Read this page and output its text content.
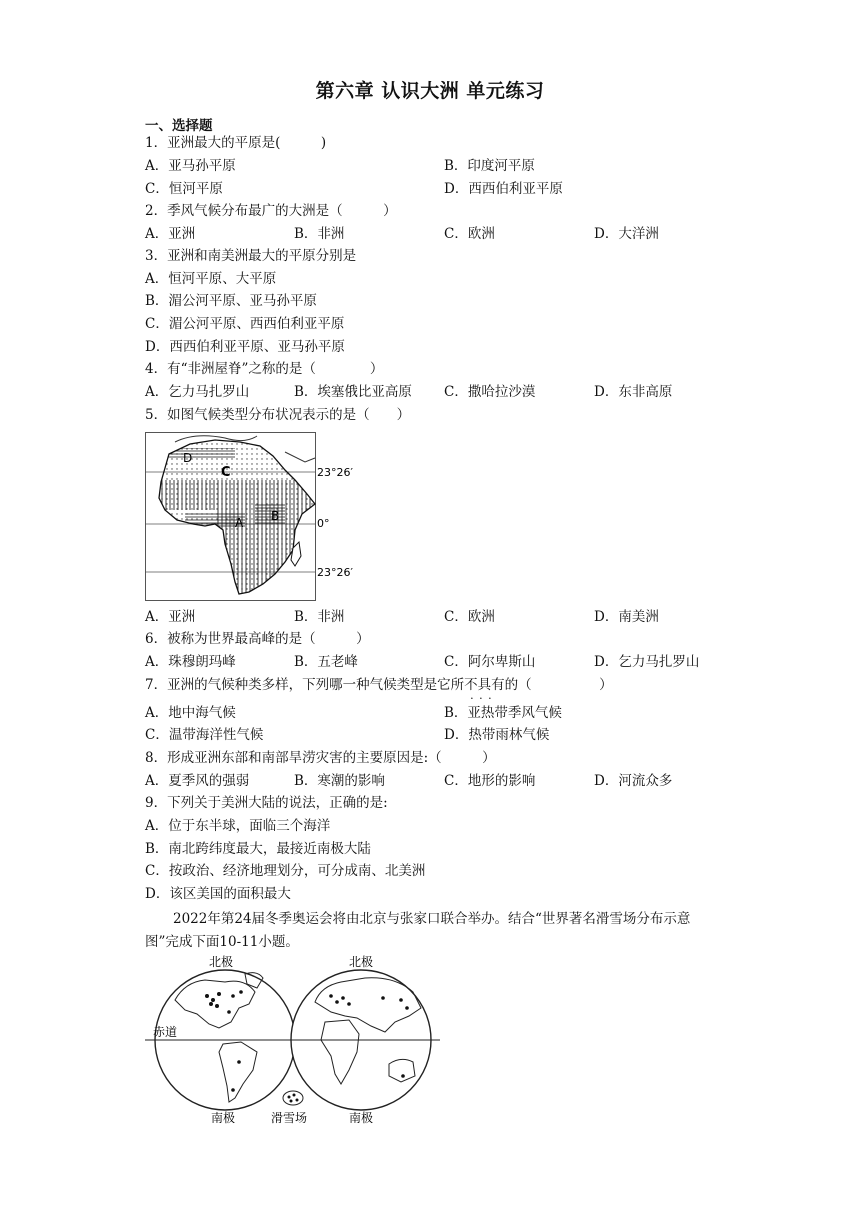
第六章 认识大洲 单元练习
一、选择题
1．亚洲最大的平原是(　　　)
A．亚马孙平原	B．印度河平原
C．恒河平原	D．西西伯利亚平原
2．季风气候分布最广的大洲是（　　　）
A．亚洲	B．非洲	C．欧洲	D．大洋洲
3．亚洲和南美洲最大的平原分别是
A．恒河平原、大平原
B．湄公河平原、亚马孙平原
C．湄公河平原、西西伯利亚平原
D．西西伯利亚平原、亚马孙平原
4．有“非洲屋脊”之称的是（　　　　）
A．乞力马扎罗山	B．埃塞俄比亚高原 C．撒哈拉沙漠	D．东非高原
5．如图气候类型分布状况表示的是（　　）
D
C
A B
23°26′
0°
23°26′
A．亚洲	B．非洲	C．欧洲	D．南美洲
6．被称为世界最高峰的是（　　　）
A．珠穆朗玛峰	B．五老峰	C．阿尔卑斯山	D．乞力马扎罗山
7．亚洲的气候种类多样，下列哪一种气候类型是它所不具有 · · ·的（　　　　　）
A．地中海气候	B．亚热带季风气候
C．温带海洋性气候	D．热带雨林气候
8．形成亚洲东部和南部旱涝灾害的主要原因是:（　　　）
A．夏季风的强弱	B．寒潮的影响	C．地形的影响	D．河流众多
9．下列关于美洲大陆的说法，正确的是:
A．位于东半球，面临三个海洋
B．南北跨纬度最大，最接近南极大陆
C．按政治、经济地理划分，可分成南、北美洲
D．该区美国的面积最大
2022年第24届冬季奥运会将由北京与张家口联合举办。结合“世界著名滑雪场分布示意图”完成下面10-11小题。
北极	北极
赤道
南极	南极
滑雪场
